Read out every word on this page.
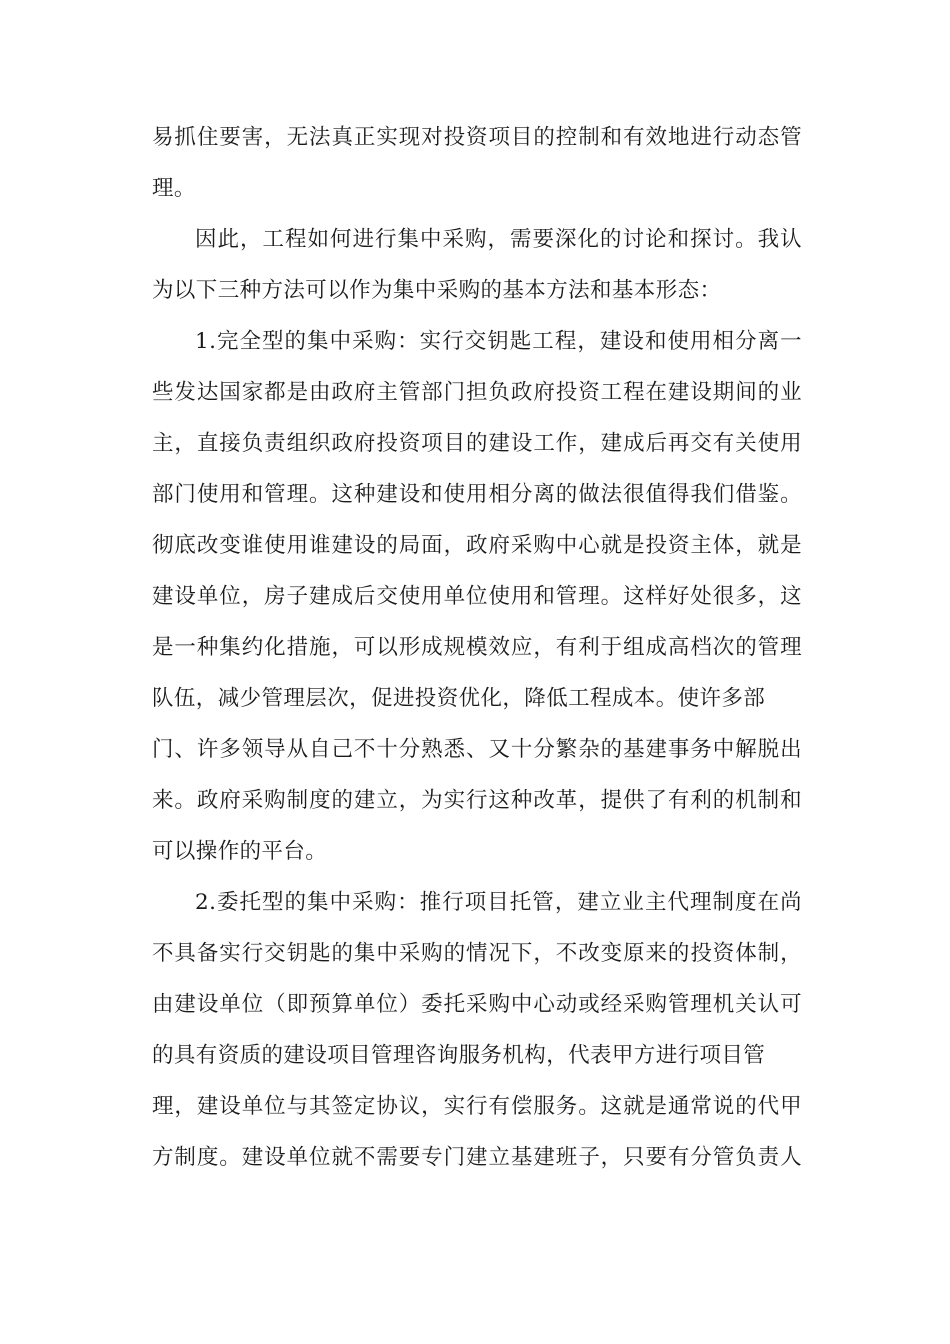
易抓住要害，无法真正实现对投资项目的控制和有效地进行动态管
理。
因此，工程如何进行集中采购，需要深化的讨论和探讨。我认
为以下三种方法可以作为集中采购的基本方法和基本形态：
1.完全型的集中采购：实行交钥匙工程，建设和使用相分离一
些发达国家都是由政府主管部门担负政府投资工程在建设期间的业
主，直接负责组织政府投资项目的建设工作，建成后再交有关使用
部门使用和管理。这种建设和使用相分离的做法很值得我们借鉴。
彻底改变谁使用谁建设的局面，政府采购中心就是投资主体，就是
建设单位，房子建成后交使用单位使用和管理。这样好处很多，这
是一种集约化措施，可以形成规模效应，有利于组成高档次的管理
队伍，减少管理层次，促进投资优化，降低工程成本。使许多部
门、许多领导从自己不十分熟悉、又十分繁杂的基建事务中解脱出
来。政府采购制度的建立，为实行这种改革，提供了有利的机制和
可以操作的平台。
2.委托型的集中采购：推行项目托管，建立业主代理制度在尚
不具备实行交钥匙的集中采购的情况下，不改变原来的投资体制，
由建设单位（即预算单位）委托采购中心动或经采购管理机关认可
的具有资质的建设项目管理咨询服务机构，代表甲方进行项目管
理，建设单位与其签定协议，实行有偿服务。这就是通常说的代甲
方制度。建设单位就不需要专门建立基建班子，只要有分管负责人
